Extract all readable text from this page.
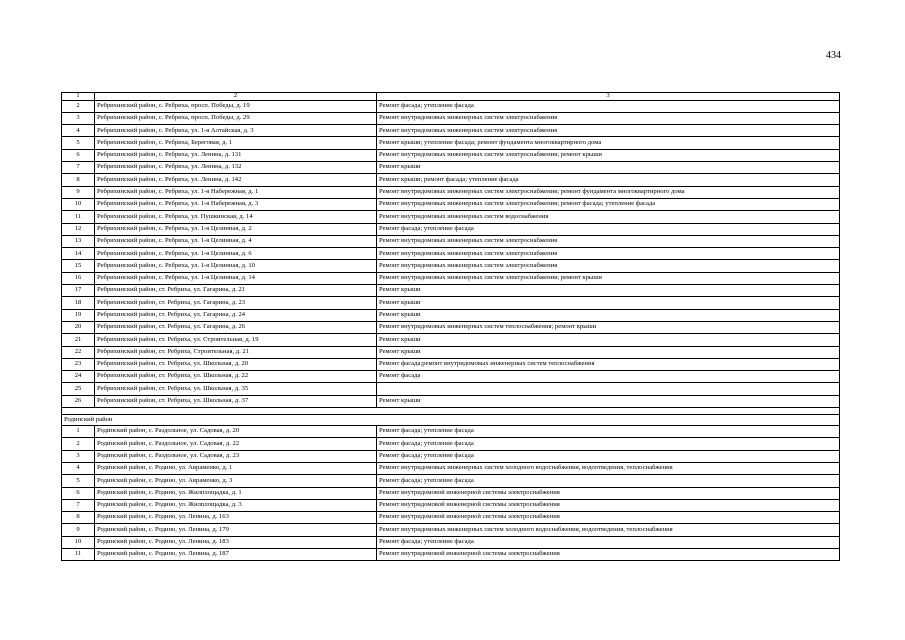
434
1	2	3
2	Ребрихинский район, с. Ребриха, просп. Победы, д. 19	Ремонт фасада; утепление фасада
3	Ребрихинский район, с. Ребриха, просп. Победы, д. 29	Ремонт внутридомовых инженерных систем электроснабжения
4	Ребрихинский район, с. Ребриха, ул. 1-я Алтайская, д. 3	Ремонт внутридомовых инженерных систем электроснабжения
5	Ребрихинский район, с. Ребриха, Береговая, д. 1	Ремонт крыши; утепление фасада; ремонт фундамента многоквартирного дома
6	Ребрихинский район, с. Ребриха, ул. Ленина, д. 131	Ремонт внутридомовых инженерных систем электроснабжения; ремонт крыши
7	Ребрихинский район, с. Ребриха, ул. Ленина, д. 132	Ремонт крыши
8	Ребрихинский район, с. Ребриха, ул. Ленина, д. 142	Ремонт крыши; ремонт фасада; утепление фасада
9	Ребрихинский район, с. Ребриха, ул. 1-я Набережная, д. 1	Ремонт внутридомовых инженерных систем электроснабжения; ремонт фундамента многоквартирного дома
10	Ребрихинский район, с. Ребриха, ул. 1-я Набережная, д. 3	Ремонт внутридомовых инженерных систем электроснабжения; ремонт фасада; утепление фасада
11	Ребрихинский район, с. Ребриха, ул. Пушкинская, д. 14	Ремонт внутридомовых инженерных систем водоснабжения
12	Ребрихинский район, с. Ребриха, ул. 1-я Целинная, д. 2	Ремонт фасада; утепление фасада
13	Ребрихинский район, с. Ребриха, ул. 1-я Целинная, д. 4	Ремонт внутридомовых инженерных систем электроснабжения
14	Ребрихинский район, с. Ребриха, ул. 1-я Целинная, д. 6	Ремонт внутридомовых инженерных систем электроснабжения
15	Ребрихинский район, с. Ребриха, ул. 1-я Целинная, д. 10	Ремонт внутридомовых инженерных систем электроснабжения
16	Ребрихинский район, с. Ребриха, ул. 1-я Целинная, д. 14	Ремонт внутридомовых инженерных систем электроснабжения; ремонт крыши
17	Ребрихинский район, ст. Ребриха, ул. Гагарина, д. 21	Ремонт крыши
18	Ребрихинский район, ст. Ребриха, ул. Гагарина, д. 23	Ремонт крыши
19	Ребрихинский район, ст. Ребриха, ул. Гагарина, д. 24	Ремонт крыши
20	Ребрихинский район, ст. Ребриха, ул. Гагарина, д. 26	Ремонт внутридомовых инженерных систем теплоснабжения; ремонт крыши
21	Ребрихинский район, ст. Ребриха, ул. Строительная, д. 19	Ремонт крыши
22	Ребрихинский район, ст. Ребриха, Строительная, д. 21	Ремонт крыши
23	Ребрихинский район, ст. Ребриха, ул. Школьная, д. 20	Ремонт фасада;ремонт внутридомовых инженерных систем теплоснабжения
24	Ребрихинский район, ст. Ребриха, ул. Школьная, д. 22	Ремонт фасада
25	Ребрихинский район, ст. Ребриха, ул. Школьная, д. 35	
26	Ребрихинский район, ст. Ребриха, ул. Школьная, д. 37	Ремонт крыши

Родинский район		
1	Родинский район, с. Раздольное, ул. Садовая, д. 20	Ремонт фасада; утепление фасада
2	Родинский район, с. Раздольное, ул. Садовая, д. 22	Ремонт фасада; утепление фасада
3	Родинский район, с. Раздольное, ул. Садовая, д. 23	Ремонт фасада; утепление фасада
4	Родинский район, с. Родино, ул. Авраменко, д. 1	Ремонт внутридомовых инженерных систем холодного водоснабжения, водоотведения, теплоснабжения
5	Родинский район, с. Родино, ул. Авраменко, д. 3	Ремонт фасада; утепление фасада
6	Родинский район, с. Родино, ул. Жилплощадка, д. 1	Ремонт внутридомовой инженерной системы электроснабжения
7	Родинский район, с. Родино, ул. Жилплощадка, д. 3	Ремонт внутридомовой инженерной системы электроснабжения
8	Родинский район, с. Родино, ул. Ленина, д. 163	Ремонт внутридомовой инженерной системы электроснабжения
9	Родинский район, с. Родино, ул. Ленина, д. 179	Ремонт внутридомовых инженерных систем холодного водоснабжения, водоотведения, теплоснабжения
10	Родинский район, с. Родино, ул. Ленина, д. 183	Ремонт фасада; утепление фасада
11	Родинский район, с. Родино, ул. Ленина, д. 187	Ремонт внутридомовой инженерной системы электроснабжения
